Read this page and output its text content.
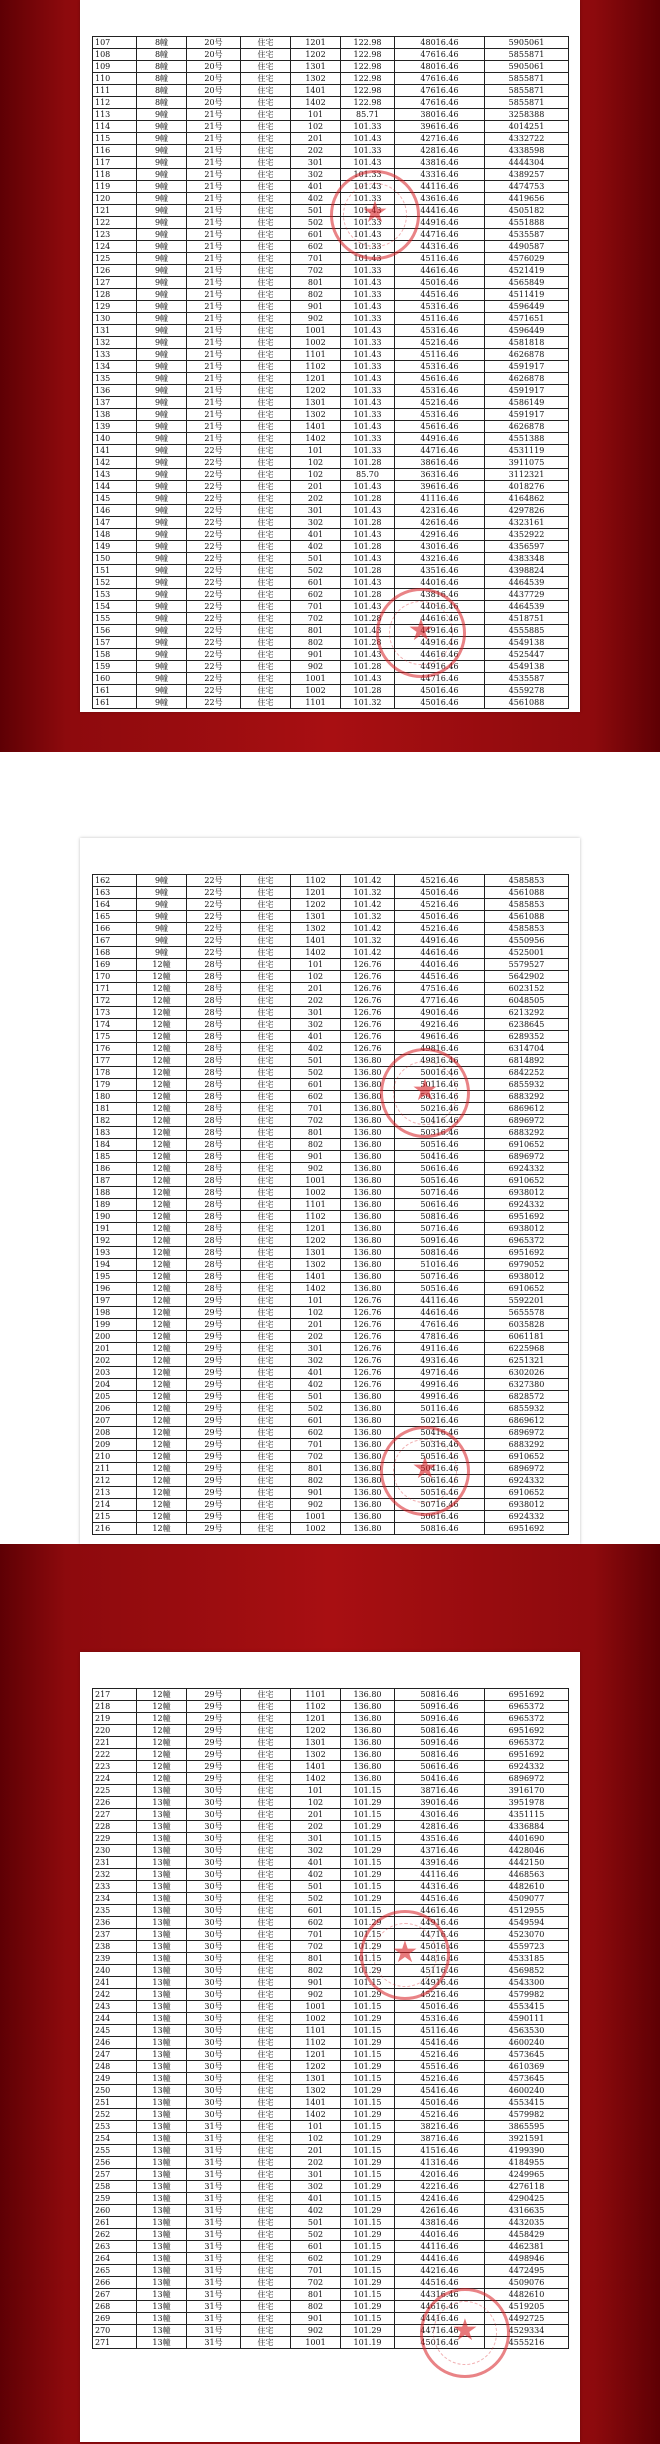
107	8幢	20号	住宅	1201	122.98	48016.46	5905061
108	8幢	20号	住宅	1202	122.98	47616.46	5855871
109	8幢	20号	住宅	1301	122.98	48016.46	5905061
110	8幢	20号	住宅	1302	122.98	47616.46	5855871
111	8幢	20号	住宅	1401	122.98	47616.46	5855871
112	8幢	20号	住宅	1402	122.98	47616.46	5855871
113	9幢	21号	住宅	101	85.71	38016.46	3258388
114	9幢	21号	住宅	102	101.33	39616.46	4014251
115	9幢	21号	住宅	201	101.43	42716.46	4332722
116	9幢	21号	住宅	202	101.33	42816.46	4338598
117	9幢	21号	住宅	301	101.43	43816.46	4444304
118	9幢	21号	住宅	302	101.33	43316.46	4389257
119	9幢	21号	住宅	401	101.43	44116.46	4474753
120	9幢	21号	住宅	402	101.33	43616.46	4419656
121	9幢	21号	住宅	501	101.43	44416.46	4505182
122	9幢	21号	住宅	502	101.33	44916.46	4551888
123	9幢	21号	住宅	601	101.43	44716.46	4535587
124	9幢	21号	住宅	602	101.33	44316.46	4490587
125	9幢	21号	住宅	701	101.43	45116.46	4576029
126	9幢	21号	住宅	702	101.33	44616.46	4521419
127	9幢	21号	住宅	801	101.43	45016.46	4565849
128	9幢	21号	住宅	802	101.33	44516.46	4511419
129	9幢	21号	住宅	901	101.43	45316.46	4596449
130	9幢	21号	住宅	902	101.33	45116.46	4571651
131	9幢	21号	住宅	1001	101.43	45316.46	4596449
132	9幢	21号	住宅	1002	101.33	45216.46	4581818
133	9幢	21号	住宅	1101	101.43	45116.46	4626878
134	9幢	21号	住宅	1102	101.33	45316.46	4591917
135	9幢	21号	住宅	1201	101.43	45616.46	4626878
136	9幢	21号	住宅	1202	101.33	45316.46	4591917
137	9幢	21号	住宅	1301	101.43	45216.46	4586149
138	9幢	21号	住宅	1302	101.33	45316.46	4591917
139	9幢	21号	住宅	1401	101.43	45616.46	4626878
140	9幢	21号	住宅	1402	101.33	44916.46	4551388
141	9幢	22号	住宅	101	101.33	44716.46	4531119
142	9幢	22号	住宅	102	101.28	38616.46	3911075
143	9幢	22号	住宅	102	85.70	36316.46	3112321
144	9幢	22号	住宅	201	101.43	39616.46	4018276
145	9幢	22号	住宅	202	101.28	41116.46	4164862
146	9幢	22号	住宅	301	101.43	42316.46	4297826
147	9幢	22号	住宅	302	101.28	42616.46	4323161
148	9幢	22号	住宅	401	101.43	42916.46	4352922
149	9幢	22号	住宅	402	101.28	43016.46	4356597
150	9幢	22号	住宅	501	101.43	43216.46	4383348
151	9幢	22号	住宅	502	101.28	43516.46	4398824
152	9幢	22号	住宅	601	101.43	44016.46	4464539
153	9幢	22号	住宅	602	101.28	43816.46	4437729
154	9幢	22号	住宅	701	101.43	44016.46	4464539
155	9幢	22号	住宅	702	101.28	44616.46	4518751
156	9幢	22号	住宅	801	101.43	44916.46	4555885
157	9幢	22号	住宅	802	101.28	44916.46	4549138
158	9幢	22号	住宅	901	101.43	44616.46	4525447
159	9幢	22号	住宅	902	101.28	44916.46	4549138
160	9幢	22号	住宅	1001	101.43	44716.46	4535587
161	9幢	22号	住宅	1002	101.28	45016.46	4559278
161	9幢	22号	住宅	1101	101.32	45016.46	4561088
★
★
162	9幢	22号	住宅	1102	101.42	45216.46	4585853
163	9幢	22号	住宅	1201	101.32	45016.46	4561088
164	9幢	22号	住宅	1202	101.42	45216.46	4585853
165	9幢	22号	住宅	1301	101.32	45016.46	4561088
166	9幢	22号	住宅	1302	101.42	45216.46	4585853
167	9幢	22号	住宅	1401	101.32	44916.46	4550956
168	9幢	22号	住宅	1402	101.42	44616.46	4525001
169	12幢	28号	住宅	101	126.76	44016.46	5579527
170	12幢	28号	住宅	102	126.76	44516.46	5642902
171	12幢	28号	住宅	201	126.76	47516.46	6023152
172	12幢	28号	住宅	202	126.76	47716.46	6048505
173	12幢	28号	住宅	301	126.76	49016.46	6213292
174	12幢	28号	住宅	302	126.76	49216.46	6238645
175	12幢	28号	住宅	401	126.76	49616.46	6289352
176	12幢	28号	住宅	402	126.76	49816.46	6314704
177	12幢	28号	住宅	501	136.80	49816.46	6814892
178	12幢	28号	住宅	502	136.80	50016.46	6842252
179	12幢	28号	住宅	601	136.80	50116.46	6855932
180	12幢	28号	住宅	602	136.80	50316.46	6883292
181	12幢	28号	住宅	701	136.80	50216.46	6869612
182	12幢	28号	住宅	702	136.80	50416.46	6896972
183	12幢	28号	住宅	801	136.80	50316.46	6883292
184	12幢	28号	住宅	802	136.80	50516.46	6910652
185	12幢	28号	住宅	901	136.80	50416.46	6896972
186	12幢	28号	住宅	902	136.80	50616.46	6924332
187	12幢	28号	住宅	1001	136.80	50516.46	6910652
188	12幢	28号	住宅	1002	136.80	50716.46	6938012
189	12幢	28号	住宅	1101	136.80	50616.46	6924332
190	12幢	28号	住宅	1102	136.80	50816.46	6951692
191	12幢	28号	住宅	1201	136.80	50716.46	6938012
192	12幢	28号	住宅	1202	136.80	50916.46	6965372
193	12幢	28号	住宅	1301	136.80	50816.46	6951692
194	12幢	28号	住宅	1302	136.80	51016.46	6979052
195	12幢	28号	住宅	1401	136.80	50716.46	6938012
196	12幢	28号	住宅	1402	136.80	50516.46	6910652
197	12幢	29号	住宅	101	126.76	44116.46	5592201
198	12幢	29号	住宅	102	126.76	44616.46	5655578
199	12幢	29号	住宅	201	126.76	47616.46	6035828
200	12幢	29号	住宅	202	126.76	47816.46	6061181
201	12幢	29号	住宅	301	126.76	49116.46	6225968
202	12幢	29号	住宅	302	126.76	49316.46	6251321
203	12幢	29号	住宅	401	126.76	49716.46	6302026
204	12幢	29号	住宅	402	126.76	49916.46	6327380
205	12幢	29号	住宅	501	136.80	49916.46	6828572
206	12幢	29号	住宅	502	136.80	50116.46	6855932
207	12幢	29号	住宅	601	136.80	50216.46	6869612
208	12幢	29号	住宅	602	136.80	50416.46	6896972
209	12幢	29号	住宅	701	136.80	50316.46	6883292
210	12幢	29号	住宅	702	136.80	50516.46	6910652
211	12幢	29号	住宅	801	136.80	50416.46	6896972
212	12幢	29号	住宅	802	136.80	50616.46	6924332
213	12幢	29号	住宅	901	136.80	50516.46	6910652
214	12幢	29号	住宅	902	136.80	50716.46	6938012
215	12幢	29号	住宅	1001	136.80	50616.46	6924332
216	12幢	29号	住宅	1002	136.80	50816.46	6951692
★
★
217	12幢	29号	住宅	1101	136.80	50816.46	6951692
218	12幢	29号	住宅	1102	136.80	50916.46	6965372
219	12幢	29号	住宅	1201	136.80	50916.46	6965372
220	12幢	29号	住宅	1202	136.80	50816.46	6951692
221	12幢	29号	住宅	1301	136.80	50916.46	6965372
222	12幢	29号	住宅	1302	136.80	50816.46	6951692
223	12幢	29号	住宅	1401	136.80	50616.46	6924332
224	12幢	29号	住宅	1402	136.80	50416.46	6896972
225	13幢	30号	住宅	101	101.15	38716.46	3916170
226	13幢	30号	住宅	102	101.29	39016.46	3951978
227	13幢	30号	住宅	201	101.15	43016.46	4351115
228	13幢	30号	住宅	202	101.29	42816.46	4336884
229	13幢	30号	住宅	301	101.15	43516.46	4401690
230	13幢	30号	住宅	302	101.29	43716.46	4428046
231	13幢	30号	住宅	401	101.15	43916.46	4442150
232	13幢	30号	住宅	402	101.29	44116.46	4468563
233	13幢	30号	住宅	501	101.15	44316.46	4482610
234	13幢	30号	住宅	502	101.29	44516.46	4509077
235	13幢	30号	住宅	601	101.15	44616.46	4512955
236	13幢	30号	住宅	602	101.29	44916.46	4549594
237	13幢	30号	住宅	701	101.15	44716.46	4523070
238	13幢	30号	住宅	702	101.29	45016.46	4559723
239	13幢	30号	住宅	801	101.15	44816.46	4533185
240	13幢	30号	住宅	802	101.29	45116.46	4569852
241	13幢	30号	住宅	901	101.15	44916.46	4543300
242	13幢	30号	住宅	902	101.29	45216.46	4579982
243	13幢	30号	住宅	1001	101.15	45016.46	4553415
244	13幢	30号	住宅	1002	101.29	45316.46	4590111
245	13幢	30号	住宅	1101	101.15	45116.46	4563530
246	13幢	30号	住宅	1102	101.29	45416.46	4600240
247	13幢	30号	住宅	1201	101.15	45216.46	4573645
248	13幢	30号	住宅	1202	101.29	45516.46	4610369
249	13幢	30号	住宅	1301	101.15	45216.46	4573645
250	13幢	30号	住宅	1302	101.29	45416.46	4600240
251	13幢	30号	住宅	1401	101.15	45016.46	4553415
252	13幢	30号	住宅	1402	101.29	45216.46	4579982
253	13幢	31号	住宅	101	101.15	38216.46	3865595
254	13幢	31号	住宅	102	101.29	38716.46	3921591
255	13幢	31号	住宅	201	101.15	41516.46	4199390
256	13幢	31号	住宅	202	101.29	41316.46	4184955
257	13幢	31号	住宅	301	101.15	42016.46	4249965
258	13幢	31号	住宅	302	101.29	42216.46	4276118
259	13幢	31号	住宅	401	101.15	42416.46	4290425
260	13幢	31号	住宅	402	101.29	42616.46	4316635
261	13幢	31号	住宅	501	101.15	43816.46	4432035
262	13幢	31号	住宅	502	101.29	44016.46	4458429
263	13幢	31号	住宅	601	101.15	44116.46	4462381
264	13幢	31号	住宅	602	101.29	44416.46	4498946
265	13幢	31号	住宅	701	101.15	44216.46	4472495
266	13幢	31号	住宅	702	101.29	44516.46	4509076
267	13幢	31号	住宅	801	101.15	44316.46	4482610
268	13幢	31号	住宅	802	101.29	44616.46	4519205
269	13幢	31号	住宅	901	101.15	44416.46	4492725
270	13幢	31号	住宅	902	101.29	44716.46	4529334
271	13幢	31号	住宅	1001	101.19	45016.46	4555216
★
★
